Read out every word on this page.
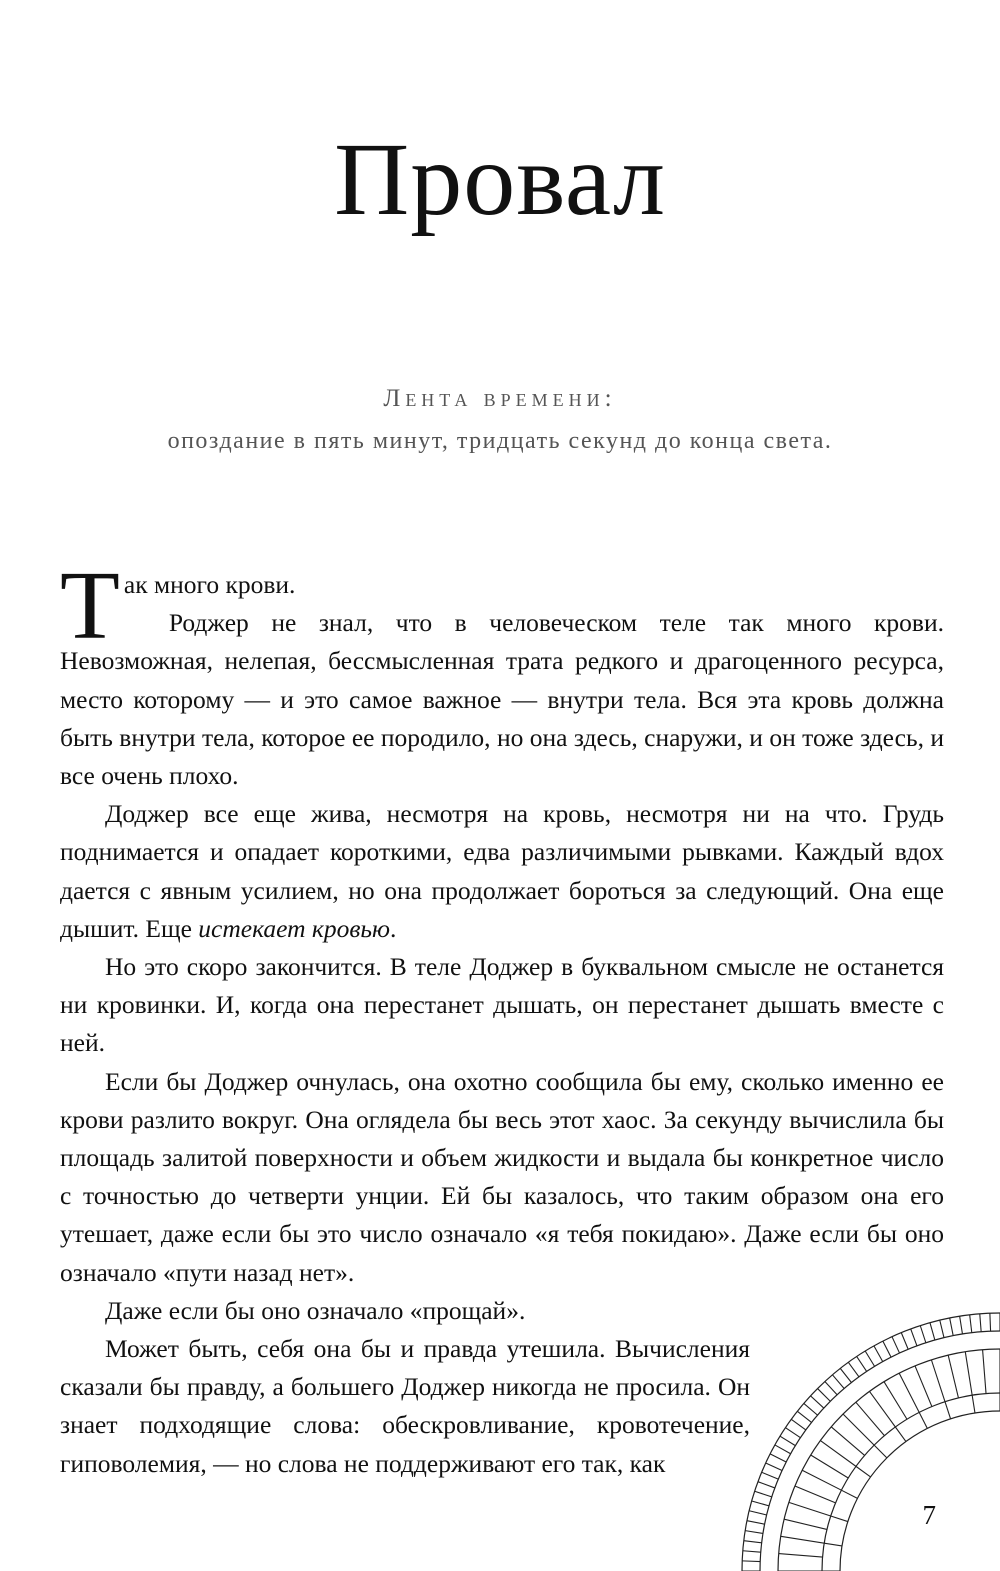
Провал

Лента времени:

опоздание в пять минут, тридцать секунд до конца света.

Так много крови.

Роджер не знал, что в человеческом теле так много крови. Невозможная, нелепая, бессмысленная трата редкого и драгоценного ресурса, место которому — и это самое важное — внутри тела. Вся эта кровь должна быть внутри тела, которое ее породило, но она здесь, снаружи, и он тоже здесь, и все очень плохо.

Доджер все еще жива, несмотря на кровь, несмотря ни на что. Грудь поднимается и опадает короткими, едва различимыми рывками. Каждый вдох дается с явным усилием, но она продолжает бороться за следующий. Она еще дышит. Еще истекает кровью.

Но это скоро закончится. В теле Доджер в буквальном смысле не останется ни кровинки. И, когда она перестанет дышать, он перестанет дышать вместе с ней.

Если бы Доджер очнулась, она охотно сообщила бы ему, сколько именно ее крови разлито вокруг. Она оглядела бы весь этот хаос. За секунду вычислила бы площадь залитой поверхности и объем жидкости и выдала бы конкретное число с точностью до четверти унции. Ей бы казалось, что таким образом она его утешает, даже если бы это число означало «я тебя покидаю». Даже если бы оно означало «пути назад нет».

Даже если бы оно означало «прощай».

Может быть, себя она бы и правда утешила. Вычисления сказали бы правду, а большего Доджер никогда не просила. Он знает подходящие слова: обескровливание, кровотечение, гиповолемия, — но слова не поддерживают его так, как

7
